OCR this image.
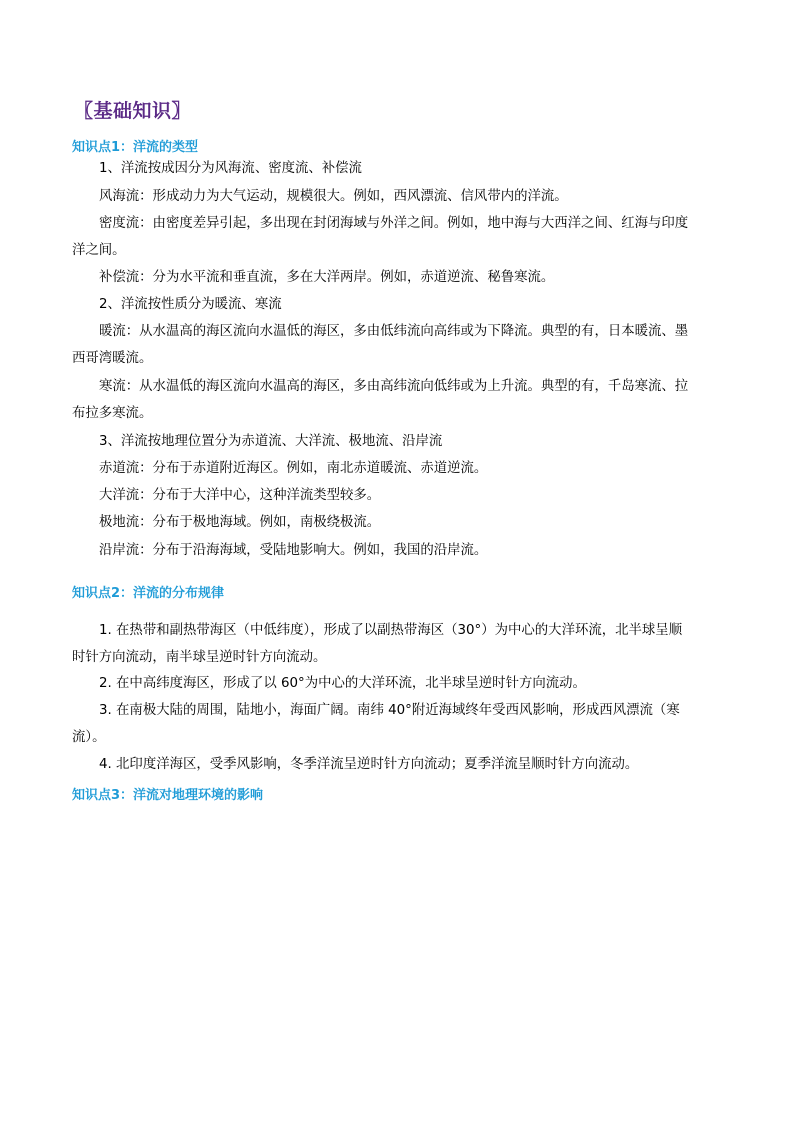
〖基础知识〗
知识点1：洋流的类型
1、洋流按成因分为风海流、密度流、补偿流
风海流：形成动力为大气运动，规模很大。例如，西风漂流、信风带内的洋流。
密度流：由密度差异引起，多出现在封闭海域与外洋之间。例如，地中海与大西洋之间、红海与印度
洋之间。
补偿流：分为水平流和垂直流，多在大洋两岸。例如，赤道逆流、秘鲁寒流。
2、洋流按性质分为暖流、寒流
暖流：从水温高的海区流向水温低的海区，多由低纬流向高纬或为下降流。典型的有，日本暖流、墨
西哥湾暖流。
寒流：从水温低的海区流向水温高的海区，多由高纬流向低纬或为上升流。典型的有，千岛寒流、拉
布拉多寒流。
3、洋流按地理位置分为赤道流、大洋流、极地流、沿岸流
赤道流：分布于赤道附近海区。例如，南北赤道暖流、赤道逆流。
大洋流：分布于大洋中心，这种洋流类型较多。
极地流：分布于极地海域。例如，南极绕极流。
沿岸流：分布于沿海海域，受陆地影响大。例如，我国的沿岸流。
知识点2：洋流的分布规律
1. 在热带和副热带海区（中低纬度），形成了以副热带海区（30°）为中心的大洋环流，北半球呈顺
时针方向流动，南半球呈逆时针方向流动。
2. 在中高纬度海区，形成了以 60°为中心的大洋环流，北半球呈逆时针方向流动。
3. 在南极大陆的周围，陆地小，海面广阔。南纬 40°附近海域终年受西风影响，形成西风漂流（寒
流）。
4. 北印度洋海区，受季风影响，冬季洋流呈逆时针方向流动；夏季洋流呈顺时针方向流动。
知识点3：洋流对地理环境的影响
